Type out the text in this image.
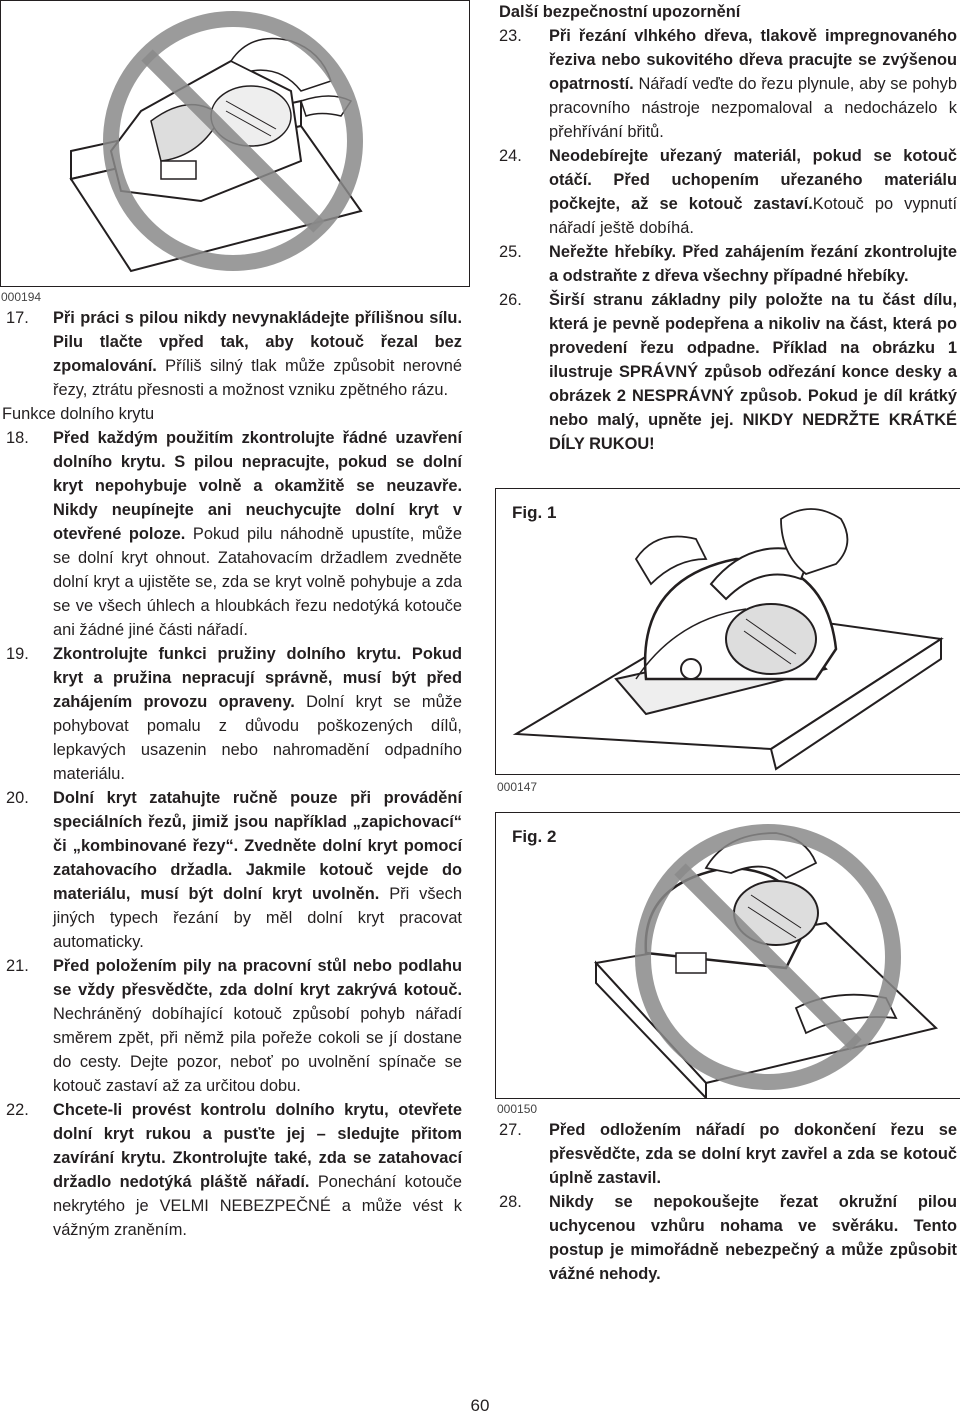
000194
17.	Při práci s pilou nikdy nevynakládejte přílišnou sílu. Pilu tlačte vpřed tak, aby kotouč řezal bez zpomalování. Příliš silný tlak může způsobit nerovné řezy, ztrátu přesnosti a možnost vzniku zpětného rázu.

Funkce dolního krytu
18.	Před každým použitím zkontrolujte řádné uzavření dolního krytu. S pilou nepracujte, pokud se dolní kryt nepohybuje volně a okamžitě se neuzavře. Nikdy neupínejte ani neuchycujte dolní kryt v otevřené poloze. Pokud pilu náhodně upustíte, může se dolní kryt ohnout. Zatahovacím držadlem zvedněte dolní kryt a ujistěte se, zda se kryt volně pohybuje a zda se ve všech úhlech a hloubkách řezu nedotýká kotouče ani žádné jiné části nářadí.

19.	Zkontrolujte funkci pružiny dolního krytu. Pokud kryt a pružina nepracují správně, musí být před zahájením provozu opraveny. Dolní kryt se může pohybovat pomalu z důvodu poškozených dílů, lepkavých usazenin nebo nahromadění odpadního materiálu.

20.	Dolní kryt zatahujte ručně pouze při provádění speciálních řezů, jimiž jsou například „zapichovací“ či „kombinované řezy“. Zvedněte dolní kryt pomocí zatahovacího držadla. Jakmile kotouč vejde do materiálu, musí být dolní kryt uvolněn. Při všech jiných typech řezání by měl dolní kryt pracovat automaticky.

21.	Před položením pily na pracovní stůl nebo podlahu se vždy přesvědčte, zda dolní kryt zakrývá kotouč. Nechráněný dobíhající kotouč způsobí pohyb nářadí směrem zpět, při němž pila pořeže cokoli se jí dostane do cesty. Dejte pozor, neboť po uvolnění spínače se kotouč zastaví až za určitou dobu.

22.	Chcete-li provést kontrolu dolního krytu, otevřete dolní kryt rukou a pusťte jej – sledujte přitom zavírání krytu. Zkontrolujte také, zda se zatahovací držadlo nedotýká pláště nářadí. Ponechání kotouče nekrytého je VELMI NEBEZPEČNÉ a může vést k vážným zraněním.

Další bezpečnostní upozornění
23.	Při řezání vlhkého dřeva, tlakově impregnovaného řeziva nebo sukovitého dřeva pracujte se zvýšenou opatrností. Nářadí veďte do řezu plynule, aby se pohyb pracovního nástroje nezpomaloval a nedocházelo k přehřívání břitů.

24.	Neodebírejte uřezaný materiál, pokud se kotouč otáčí. Před uchopením uřezaného materiálu počkejte, až se kotouč zastaví.Kotouč po vypnutí nářadí ještě dobíhá.

25.	Neřežte hřebíky. Před zahájením řezání zkontrolujte a odstraňte z dřeva všechny případné hřebíky.

26.	Širší stranu základny pily položte na tu část dílu, která je pevně podepřena a nikoliv na část, která po provedení řezu odpadne. Příklad na obrázku 1 ilustruje SPRÁVNÝ způsob odřezání konce desky a obrázek 2 NESPRÁVNÝ způsob. Pokud je díl krátký nebo malý, upněte jej. NIKDY NEDRŽTE KRÁTKÉ DÍLY RUKOU!

Fig. 1
000147
Fig. 2
000150
27.	Před odložením nářadí po dokončení řezu se přesvědčte, zda se dolní kryt zavřel a zda se kotouč úplně zastavil.

28.	Nikdy se nepokoušejte řezat okružní pilou uchycenou vzhůru nohama ve svěráku. Tento postup je mimořádně nebezpečný a může způsobit vážné nehody.

60
